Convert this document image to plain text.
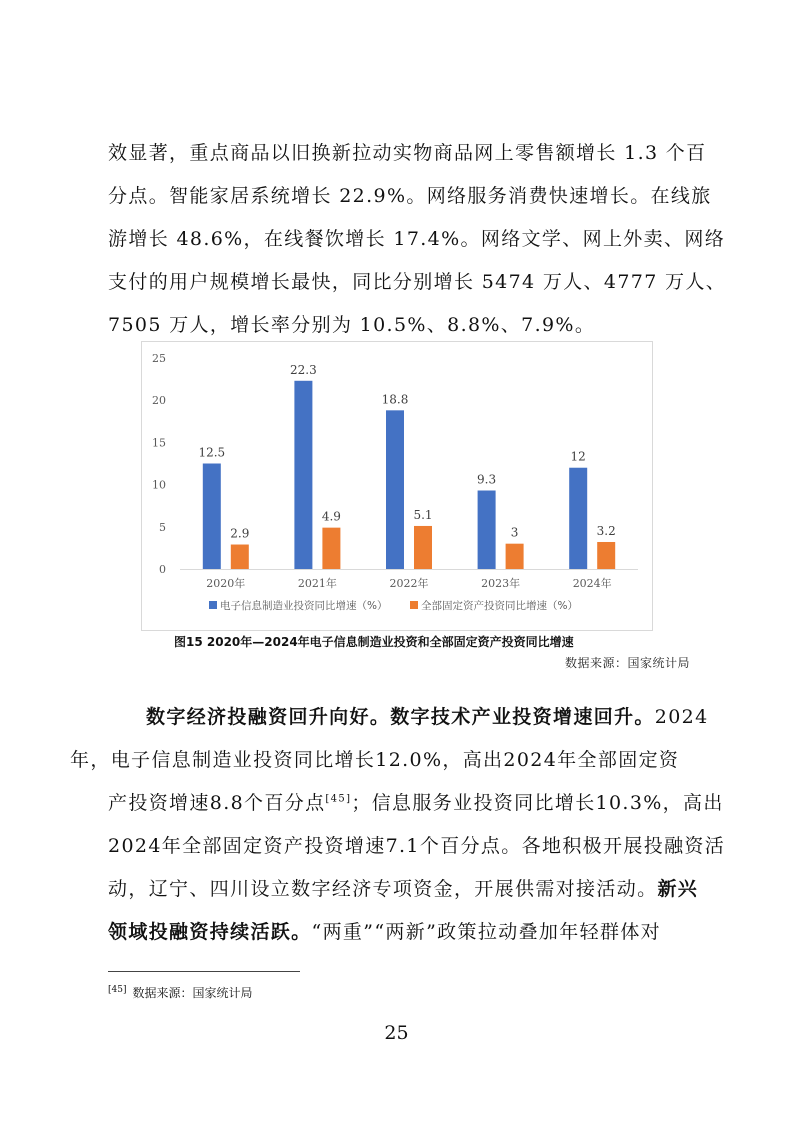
效显著，重点商品以旧换新拉动实物商品网上零售额增长 1.3 个百
分点。智能家居系统增长 22.9%。网络服务消费快速增长。在线旅
游增长 48.6%，在线餐饮增长 17.4%。网络文学、网上外卖、网络
支付的用户规模增长最快，同比分别增长 5474 万人、4777 万人、
7505 万人，增长率分别为 10.5%、8.8%、7.9%。
0
5
10
15
20
25
12.5
2.9
2020年
22.3
4.9
2021年
18.8
5.1
2022年
9.3
3
2023年
12
3.2
2024年
电子信息制造业投资同比增速（%）	全部固定资产投资同比增速（%）
图15 2020年—2024年电子信息制造业投资和全部固定资产投资同比增速
数据来源：国家统计局
数字经济投融资回升向好。数字技术产业投资增速回升。2024
年，电子信息制造业投资同比增长12.0%，高出2024年全部固定资
产投资增速8.8个百分点[45]；信息服务业投资同比增长10.3%，高出
2024年全部固定资产投资增速7.1个百分点。各地积极开展投融资活
动，辽宁、四川设立数字经济专项资金，开展供需对接活动。新兴
领域投融资持续活跃。“两重”“两新”政策拉动叠加年轻群体对
[45] 数据来源：国家统计局
25
